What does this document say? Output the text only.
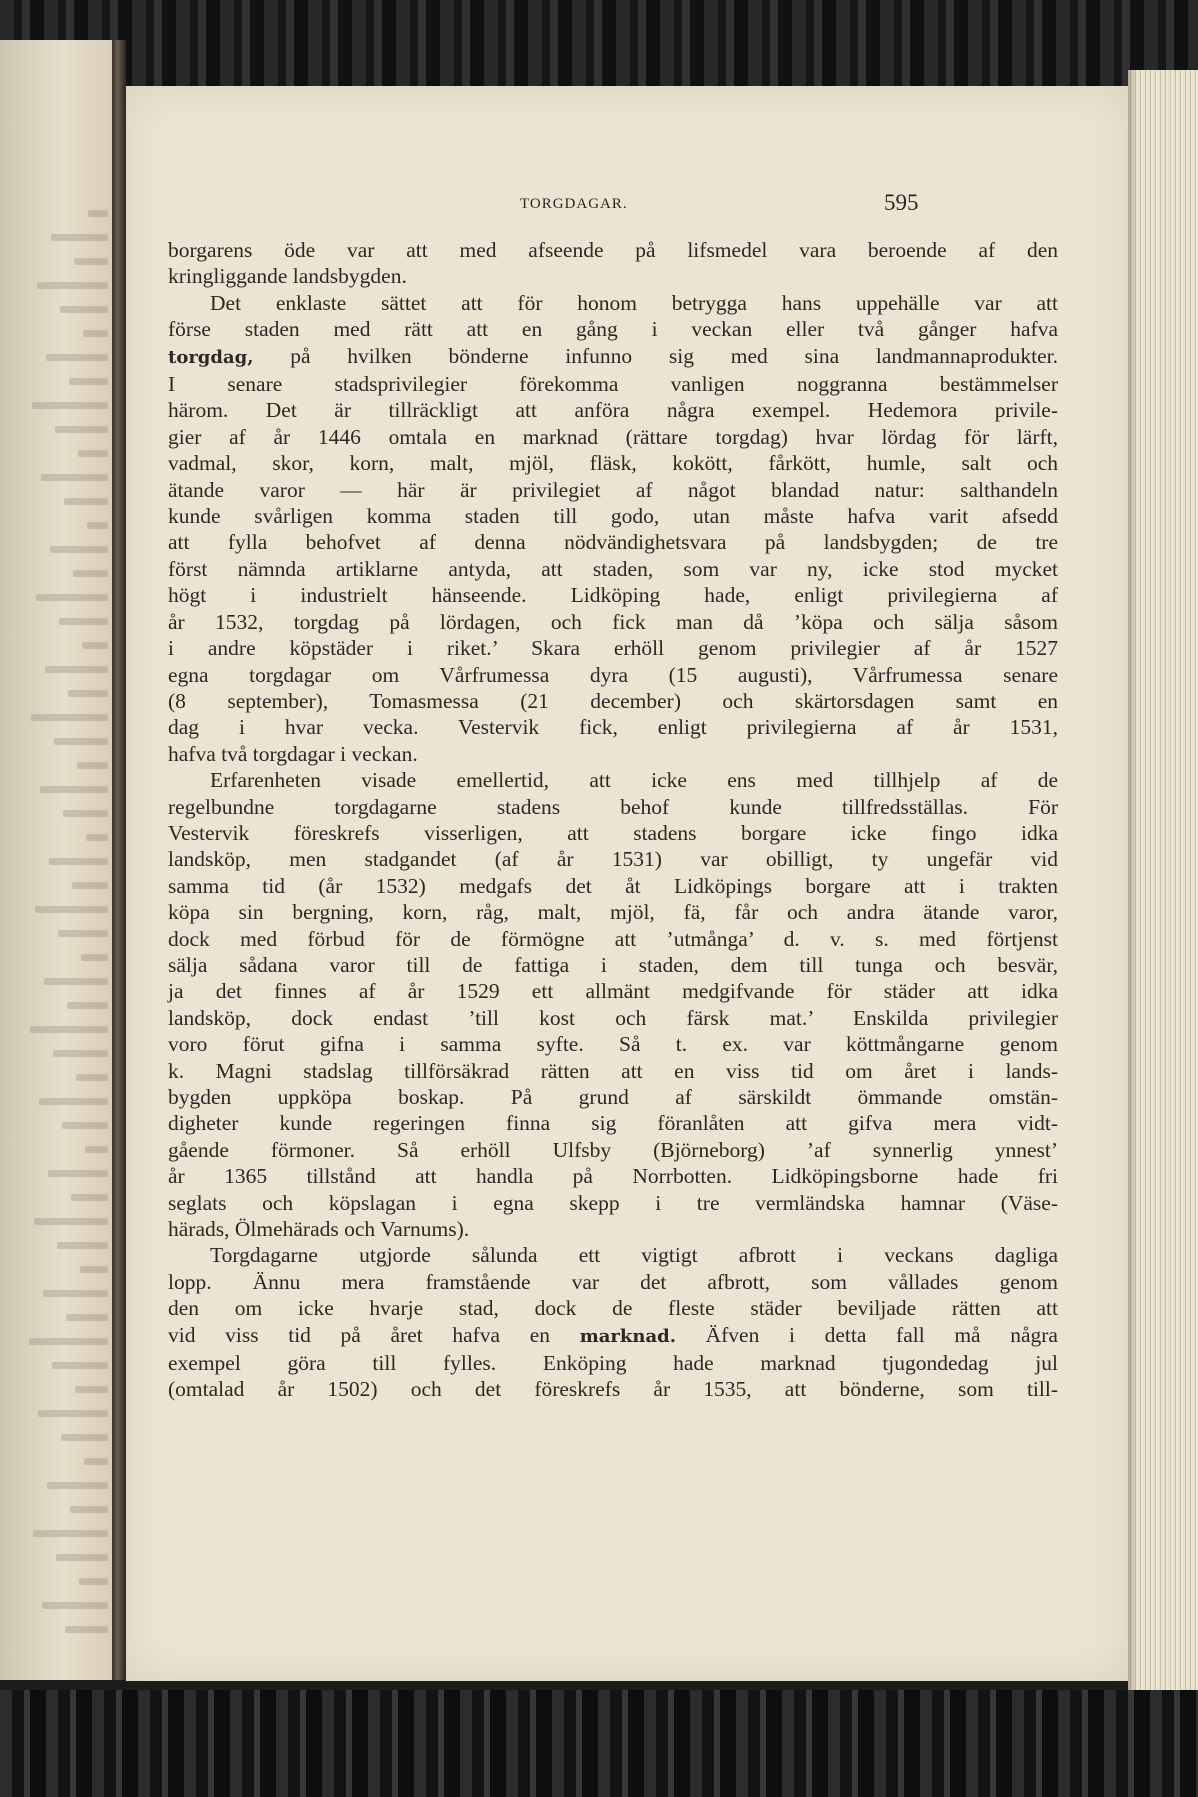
TORGDAGAR.	595
borgarens öde var att med afseende på lifsmedel vara beroende af den
kringliggande landsbygden.
Det enklaste sättet att för honom betrygga hans uppehälle var att
förse staden med rätt att en gång i veckan eller två gånger hafva
torgdag, på hvilken bönderne infunno sig med sina landmannaprodukter.
I senare stadsprivilegier förekomma vanligen noggranna bestämmelser
härom. Det är tillräckligt att anföra några exempel. Hedemora privile-
gier af år 1446 omtala en marknad (rättare torgdag) hvar lördag för lärft,
vadmal, skor, korn, malt, mjöl, fläsk, kokött, fårkött, humle, salt och
ätande varor — här är privilegiet af något blandad natur: salthandeln
kunde svårligen komma staden till godo, utan måste hafva varit afsedd
att fylla behofvet af denna nödvändighetsvara på landsbygden; de tre
först nämnda artiklarne antyda, att staden, som var ny, icke stod mycket
högt i industrielt hänseende. Lidköping hade, enligt privilegierna af
år 1532, torgdag på lördagen, och fick man då ’köpa och sälja såsom
i andre köpstäder i riket.’ Skara erhöll genom privilegier af år 1527
egna torgdagar om Vårfrumessa dyra (15 augusti), Vårfrumessa senare
(8 september), Tomasmessa (21 december) och skärtorsdagen samt en
dag i hvar vecka. Vestervik fick, enligt privilegierna af år 1531,
hafva två torgdagar i veckan.
Erfarenheten visade emellertid, att icke ens med tillhjelp af de
regelbundne torgdagarne stadens behof kunde tillfredsställas. För
Vestervik föreskrefs visserligen, att stadens borgare icke fingo idka
landsköp, men stadgandet (af år 1531) var obilligt, ty ungefär vid
samma tid (år 1532) medgafs det åt Lidköpings borgare att i trakten
köpa sin bergning, korn, råg, malt, mjöl, fä, får och andra ätande varor,
dock med förbud för de förmögne att ’utmånga’ d. v. s. med förtjenst
sälja sådana varor till de fattiga i staden, dem till tunga och besvär,
ja det finnes af år 1529 ett allmänt medgifvande för städer att idka
landsköp, dock endast ’till kost och färsk mat.’ Enskilda privilegier
voro förut gifna i samma syfte. Så t. ex. var köttmångarne genom
k. Magni stadslag tillförsäkrad rätten att en viss tid om året i lands-
bygden uppköpa boskap. På grund af särskildt ömmande omstän-
digheter kunde regeringen finna sig föranlåten att gifva mera vidt-
gående förmoner. Så erhöll Ulfsby (Björneborg) ’af synnerlig ynnest’
år 1365 tillstånd att handla på Norrbotten. Lidköpingsborne hade fri
seglats och köpslagan i egna skepp i tre vermländska hamnar (Väse-
härads, Ölmehärads och Varnums).
Torgdagarne utgjorde sålunda ett vigtigt afbrott i veckans dagliga
lopp. Ännu mera framstående var det afbrott, som vållades genom
den om icke hvarje stad, dock de fleste städer beviljade rätten att
vid viss tid på året hafva en marknad. Äfven i detta fall må några
exempel göra till fylles. Enköping hade marknad tjugondedag jul
(omtalad år 1502) och det föreskrefs år 1535, att bönderne, som till-
